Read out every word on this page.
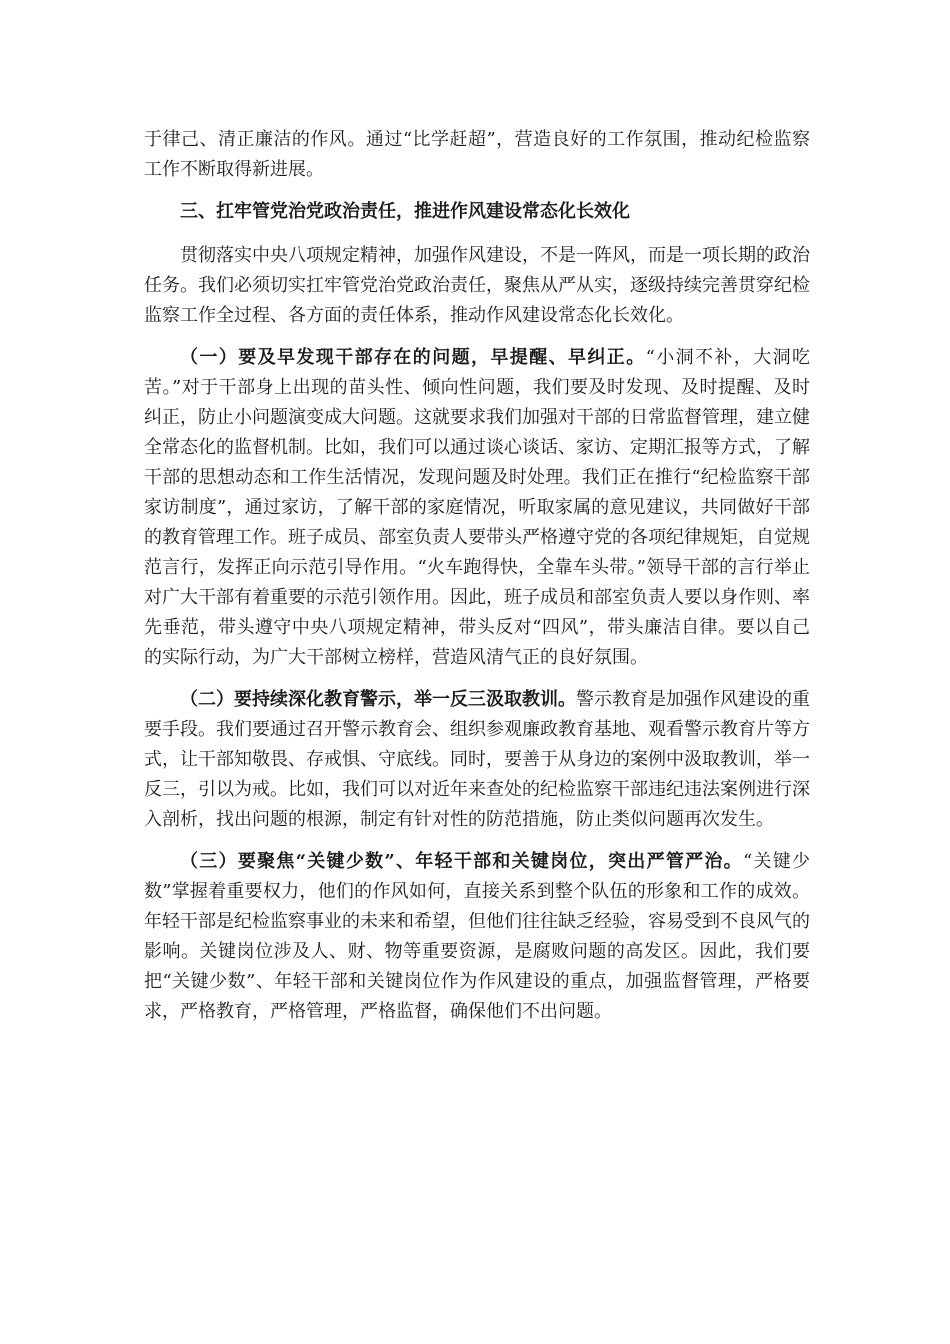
于律己、清正廉洁的作风。通过“比学赶超”，营造良好的工作氛围，推动纪检监察工作不断取得新进展。

三、扛牢管党治党政治责任，推进作风建设常态化长效化

贯彻落实中央八项规定精神，加强作风建设，不是一阵风，而是一项长期的政治任务。我们必须切实扛牢管党治党政治责任，聚焦从严从实，逐级持续完善贯穿纪检监察工作全过程、各方面的责任体系，推动作风建设常态化长效化。

（一）要及早发现干部存在的问题，早提醒、早纠正。“小洞不补，大洞吃苦。”对于干部身上出现的苗头性、倾向性问题，我们要及时发现、及时提醒、及时纠正，防止小问题演变成大问题。这就要求我们加强对干部的日常监督管理，建立健全常态化的监督机制。比如，我们可以通过谈心谈话、家访、定期汇报等方式，了解干部的思想动态和工作生活情况，发现问题及时处理。我们正在推行“纪检监察干部家访制度”，通过家访，了解干部的家庭情况，听取家属的意见建议，共同做好干部的教育管理工作。班子成员、部室负责人要带头严格遵守党的各项纪律规矩，自觉规范言行，发挥正向示范引导作用。“火车跑得快，全靠车头带。”领导干部的言行举止对广大干部有着重要的示范引领作用。因此，班子成员和部室负责人要以身作则、率先垂范，带头遵守中央八项规定精神，带头反对“四风”，带头廉洁自律。要以自己的实际行动，为广大干部树立榜样，营造风清气正的良好氛围。

（二）要持续深化教育警示，举一反三汲取教训。警示教育是加强作风建设的重要手段。我们要通过召开警示教育会、组织参观廉政教育基地、观看警示教育片等方式，让干部知敬畏、存戒惧、守底线。同时，要善于从身边的案例中汲取教训，举一反三，引以为戒。比如，我们可以对近年来查处的纪检监察干部违纪违法案例进行深入剖析，找出问题的根源，制定有针对性的防范措施，防止类似问题再次发生。

（三）要聚焦“关键少数”、年轻干部和关键岗位，突出严管严治。“关键少数”掌握着重要权力，他们的作风如何，直接关系到整个队伍的形象和工作的成效。年轻干部是纪检监察事业的未来和希望，但他们往往缺乏经验，容易受到不良风气的影响。关键岗位涉及人、财、物等重要资源，是腐败问题的高发区。因此，我们要把“关键少数”、年轻干部和关键岗位作为作风建设的重点，加强监督管理，严格要求，严格教育，严格管理，严格监督，确保他们不出问题。
